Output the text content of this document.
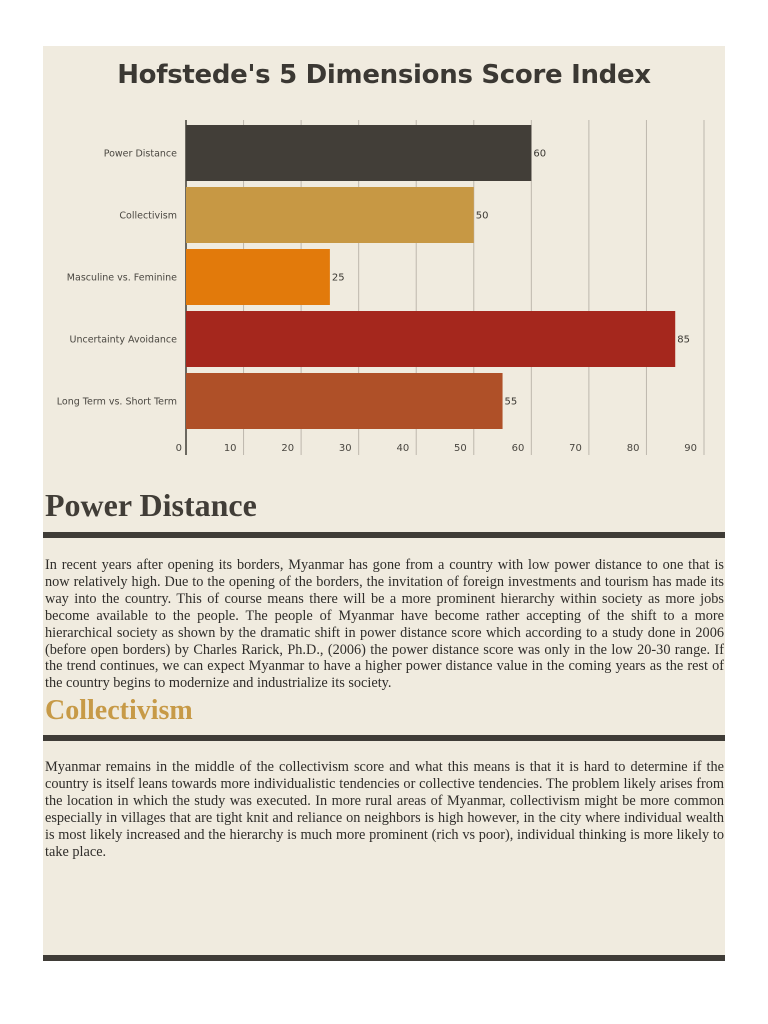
Hofstede's 5 Dimensions Score Index
60
50
25
85
55
Power Distance
Collectivism
Masculine vs. Feminine
Uncertainty Avoidance
Long Term vs. Short Term
0	10	20	30	40	50	60	70	80	90
Power Distance

In recent years after opening its borders, Myanmar has gone from a country with low power distance to one that is now relatively high. Due to the opening of the borders, the invitation of foreign investments and tourism has made its way into the country. This of course means there will be a more prominent hierarchy within society as more jobs become available to the people. The people of Myanmar have become rather accepting of the shift to a more hierarchical society as shown by the dramatic shift in power distance score which according to a study done in 2006 (before open borders) by Charles Rarick, Ph.D., (2006) the power distance score was only in the low 20-30 range. If the trend continues, we can expect Myanmar to have a higher power distance value in the coming years as the rest of the country begins to modernize and industrialize its society.

Collectivism

Myanmar remains in the middle of the collectivism score and what this means is that it is hard to determine if the country is itself leans towards more individualistic tendencies or collective tendencies. The problem likely arises from the location in which the study was executed. In more rural areas of Myanmar, collectivism might be more common especially in villages that are tight knit and reliance on neighbors is high however, in the city where individual wealth is most likely increased and the hierarchy is much more prominent (rich vs poor), individual thinking is more likely to take place.
